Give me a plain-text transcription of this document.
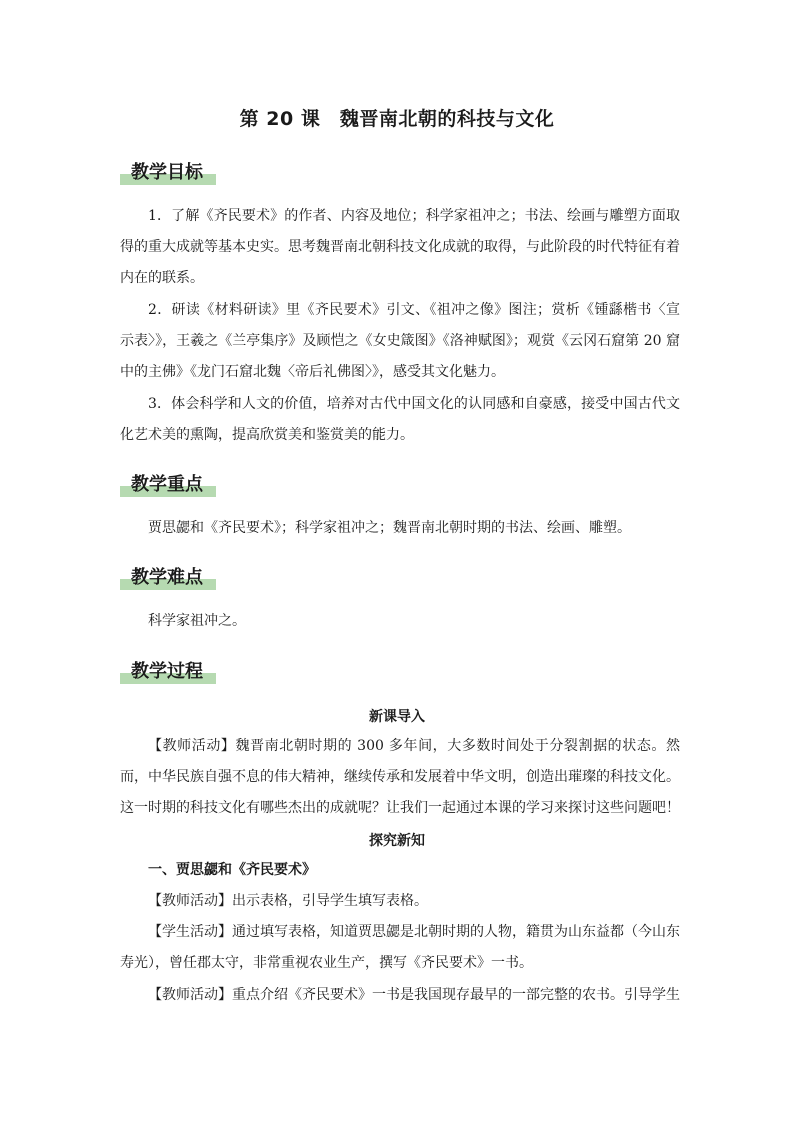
第 20 课　魏晋南北朝的科技与文化
教学目标
1．了解《齐民要术》的作者、内容及地位；科学家祖冲之；书法、绘画与雕塑方面取得的重大成就等基本史实。思考魏晋南北朝科技文化成就的取得，与此阶段的时代特征有着内在的联系。
2．研读《材料研读》里《齐民要术》引文、《祖冲之像》图注；赏析《锺繇楷书〈宣示表〉》，王羲之《兰亭集序》及顾恺之《女史箴图》《洛神赋图》；观赏《云冈石窟第 20 窟中的主佛》《龙门石窟北魏〈帝后礼佛图〉》，感受其文化魅力。
3．体会科学和人文的价值，培养对古代中国文化的认同感和自豪感，接受中国古代文化艺术美的熏陶，提高欣赏美和鉴赏美的能力。
教学重点
贾思勰和《齐民要术》；科学家祖冲之；魏晋南北朝时期的书法、绘画、雕塑。
教学难点
科学家祖冲之。
教学过程
新课导入
【教师活动】魏晋南北朝时期的 300 多年间，大多数时间处于分裂割据的状态。然而，中华民族自强不息的伟大精神，继续传承和发展着中华文明，创造出璀璨的科技文化。这一时期的科技文化有哪些杰出的成就呢？让我们一起通过本课的学习来探讨这些问题吧！
探究新知
一、贾思勰和《齐民要术》
【教师活动】出示表格，引导学生填写表格。
【学生活动】通过填写表格，知道贾思勰是北朝时期的人物，籍贯为山东益都（今山东寿光），曾任郡太守，非常重视农业生产，撰写《齐民要术》一书。
【教师活动】重点介绍《齐民要术》一书是我国现存最早的一部完整的农书。引导学生
